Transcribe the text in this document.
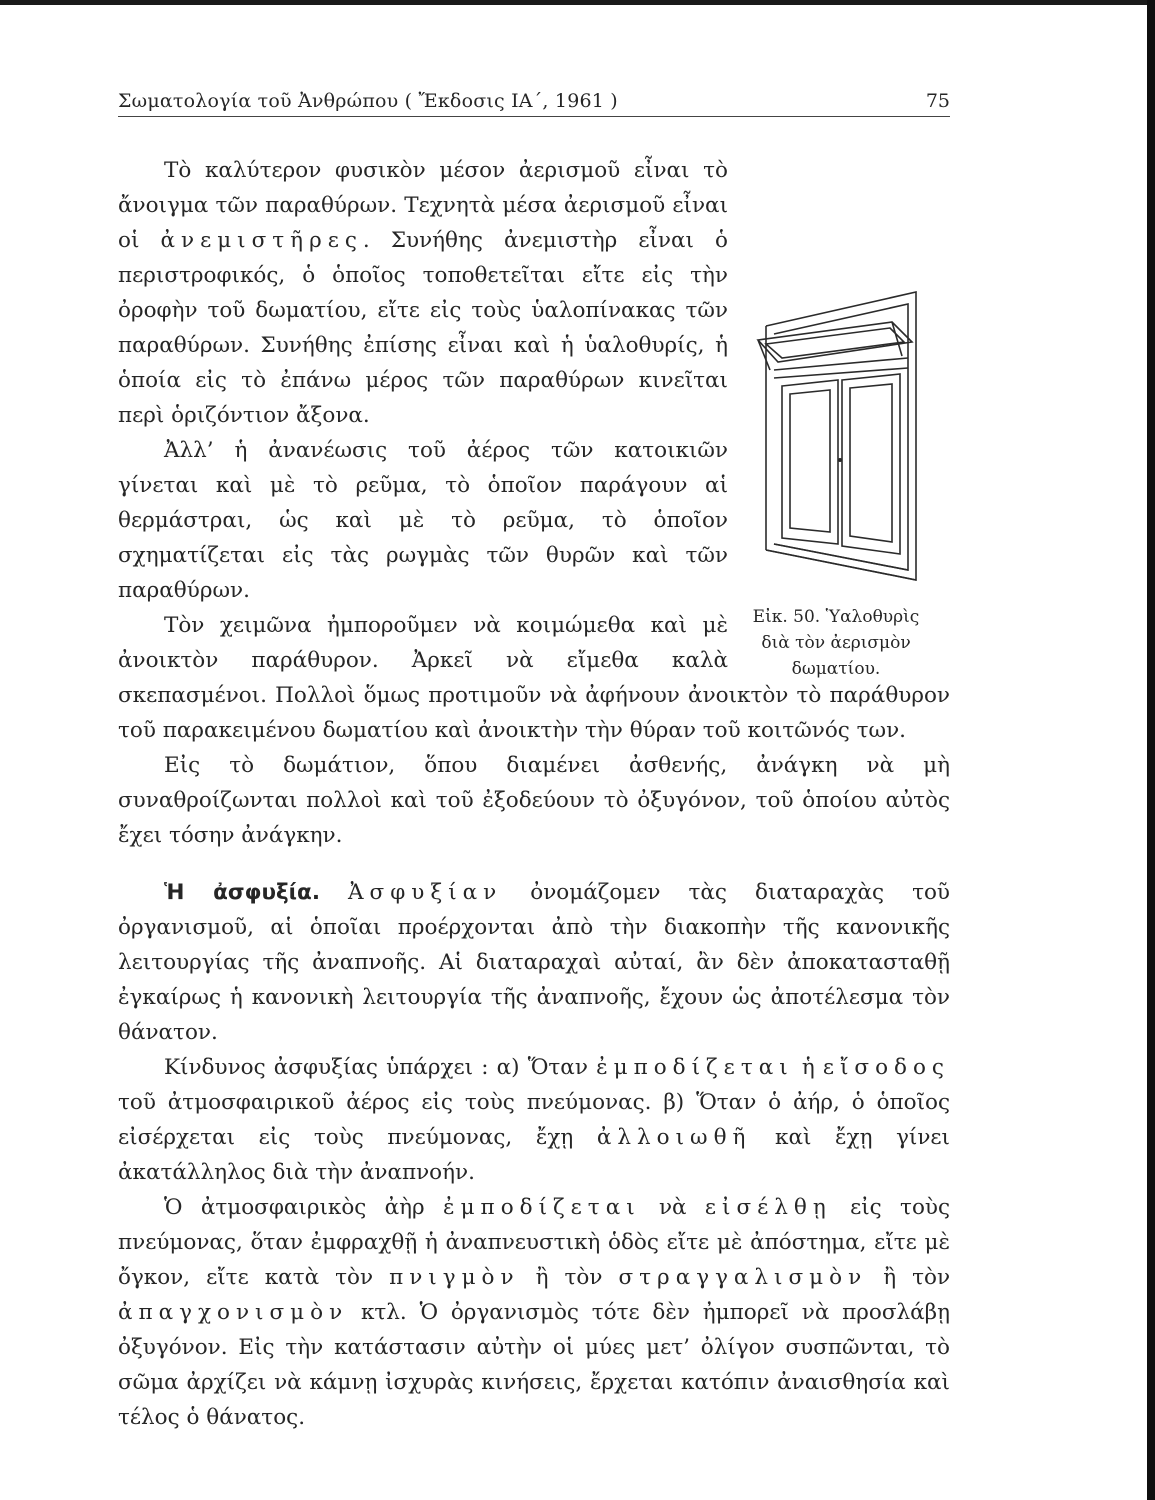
Σωματολογία τοῦ Ἀνθρώπου ( Ἔκδοσις ΙΑ΄, 1961 )	75

Τὸ καλύτερον φυσικὸν μέσον ἀερισμοῦ εἶναι τὸ ἄνοιγμα τῶν παραθύρων. Τεχνητὰ μέσα ἀερισμοῦ εἶναι οἱ ἀνεμιστῆρες. Συνήθης ἀνεμιστὴρ εἶναι ὁ περιστροφικός, ὁ ὁποῖος τοποθετεῖται εἴτε εἰς τὴν ὀροφὴν τοῦ δωματίου, εἴτε εἰς τοὺς ὑαλοπίνακας τῶν παραθύρων. Συνήθης ἐπίσης εἶναι καὶ ἡ ὑαλοθυρίς, ἡ ὁποία εἰς τὸ ἐπάνω μέρος τῶν παραθύρων κινεῖται περὶ ὁριζόντιον ἄξονα.

Ἀλλ’ ἡ ἀνανέωσις τοῦ ἀέρος τῶν κατοικιῶν γίνεται καὶ μὲ τὸ ρεῦμα, τὸ ὁποῖον παράγουν αἱ θερμάστραι, ὡς καὶ μὲ τὸ ρεῦμα, τὸ ὁποῖον σχηματίζεται εἰς τὰς ρωγμὰς τῶν θυρῶν καὶ τῶν παραθύρων.

Τὸν χειμῶνα ἠμποροῦμεν νὰ κοιμώμεθα καὶ μὲ ἀνοικτὸν παράθυρον. Ἀρκεῖ νὰ εἴμεθα καλὰ σκεπασμένοι. Πολλοὶ ὅμως προτιμοῦν νὰ ἀφήνουν ἀνοικτὸν τὸ παράθυρον τοῦ παρακειμένου δωματίου καὶ ἀνοικτὴν τὴν θύραν τοῦ κοιτῶνός των.

Εἰς τὸ δωμάτιον, ὅπου διαμένει ἀσθενής, ἀνάγκη νὰ μὴ συναθροίζωνται πολλοὶ καὶ τοῦ ἐξοδεύουν τὸ ὀξυγόνον, τοῦ ὁποίου αὐτὸς ἔχει τόσην ἀνάγκην.

Ἡ ἀσφυξία. Ἀσφυξίαν ὀνομάζομεν τὰς διαταραχὰς τοῦ ὀργανισμοῦ, αἱ ὁποῖαι προέρχονται ἀπὸ τὴν διακοπὴν τῆς κανονικῆς λειτουργίας τῆς ἀναπνοῆς. Αἱ διαταραχαὶ αὐταί, ἂν δὲν ἀποκατασταθῇ ἐγκαίρως ἡ κανονικὴ λειτουργία τῆς ἀναπνοῆς, ἔχουν ὡς ἀποτέλεσμα τὸν θάνατον.

Κίνδυνος ἀσφυξίας ὑπάρχει : α) Ὅταν ἐμποδίζεται ἡ εἴσοδος τοῦ ἀτμοσφαιρικοῦ ἀέρος εἰς τοὺς πνεύμονας. β) Ὅταν ὁ ἀήρ, ὁ ὁποῖος εἰσέρχεται εἰς τοὺς πνεύμονας, ἔχῃ ἀλλοιωθῆ καὶ ἔχῃ γίνει ἀκατάλληλος διὰ τὴν ἀναπνοήν.

Ὁ ἀτμοσφαιρικὸς ἀὴρ ἐμποδίζεται νὰ εἰσέλθῃ εἰς τοὺς πνεύμονας, ὅταν ἐμφραχθῇ ἡ ἀναπνευστικὴ ὁδὸς εἴτε μὲ ἀπόστημα, εἴτε μὲ ὄγκον, εἴτε κατὰ τὸν πνιγμὸν ἢ τὸν στραγγαλισμὸν ἢ τὸν ἀπαγχονισμὸν κτλ. Ὁ ὀργανισμὸς τότε δὲν ἠμπορεῖ νὰ προσλάβῃ ὀξυγόνον. Εἰς τὴν κατάστασιν αὐτὴν οἱ μύες μετ’ ὀλίγον συσπῶνται, τὸ σῶμα ἀρχίζει νὰ κάμνῃ ἰσχυρὰς κινήσεις, ἔρχεται κατόπιν ἀναισθησία καὶ τέλος ὁ θάνατος.

Εἰκ. 50. Ὑαλοθυρὶς
διὰ τὸν ἀερισμὸν
δωματίου.
